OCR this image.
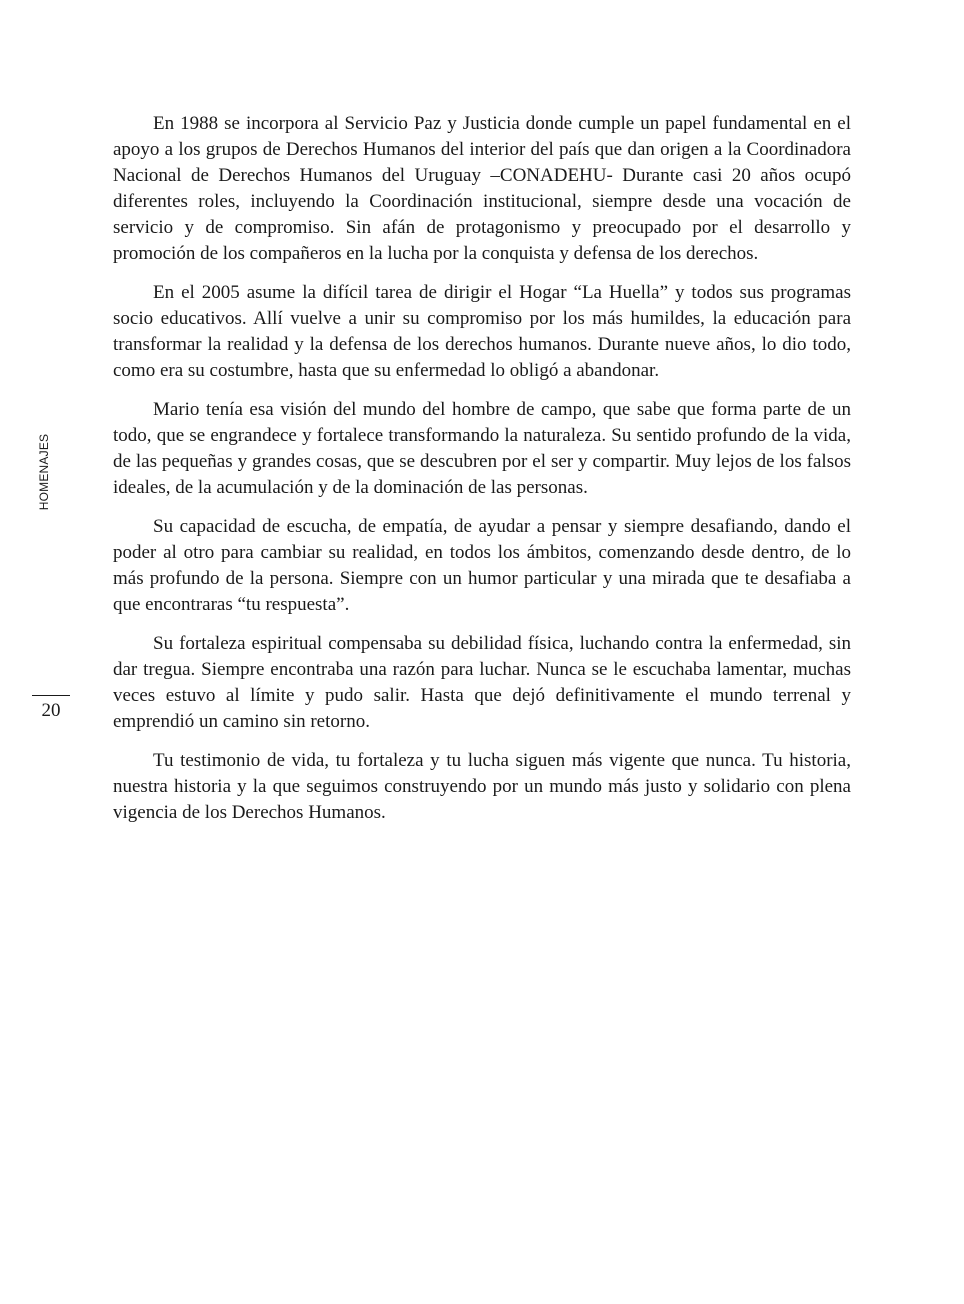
HOMENAJES
20

En 1988 se incorpora al Servicio Paz y Justicia donde cumple un papel fundamental en el apoyo a los grupos de Derechos Humanos del interior del país que dan origen a la Coordinadora Nacional de Derechos Humanos del Uruguay –CONADEHU- Durante casi 20 años ocupó diferentes roles, incluyendo la Coordinación institucional, siempre desde una vocación de servicio y de compromiso. Sin afán de protagonismo y preocupado por el desarrollo y promoción de los compañeros en la lucha por la conquista y defensa de los derechos.

En el 2005 asume la difícil tarea de dirigir el Hogar “La Huella” y todos sus programas socio educativos. Allí vuelve a unir su compromiso por los más humildes, la educación para transformar la realidad y la defensa de los derechos humanos. Durante nueve años, lo dio todo, como era su costumbre, hasta que su enfermedad lo obligó a abandonar.

Mario tenía esa visión del mundo del hombre de campo, que sabe que forma parte de un todo, que se engrandece y fortalece transformando la naturaleza. Su sentido profundo de la vida, de las pequeñas y grandes cosas, que se descubren por el ser y compartir. Muy lejos de los falsos ideales, de la acumulación y de la dominación de las personas.

Su capacidad de escucha, de empatía, de ayudar a pensar y siempre desafiando, dando el poder al otro para cambiar su realidad, en todos los ámbitos, comenzando desde dentro, de lo más profundo de la persona. Siempre con un humor particular y una mirada que te desafiaba a que encontraras “tu respuesta”.

Su fortaleza espiritual compensaba su debilidad física, luchando contra la enfermedad, sin dar tregua. Siempre encontraba una razón para luchar. Nunca se le escuchaba lamentar, muchas veces estuvo al límite y pudo salir. Hasta que dejó definitivamente el mundo terrenal y emprendió un camino sin retorno.

Tu testimonio de vida, tu fortaleza y tu lucha siguen más vigente que nunca. Tu historia, nuestra historia y la que seguimos construyendo por un mundo más justo y solidario con plena vigencia de los Derechos Humanos.
